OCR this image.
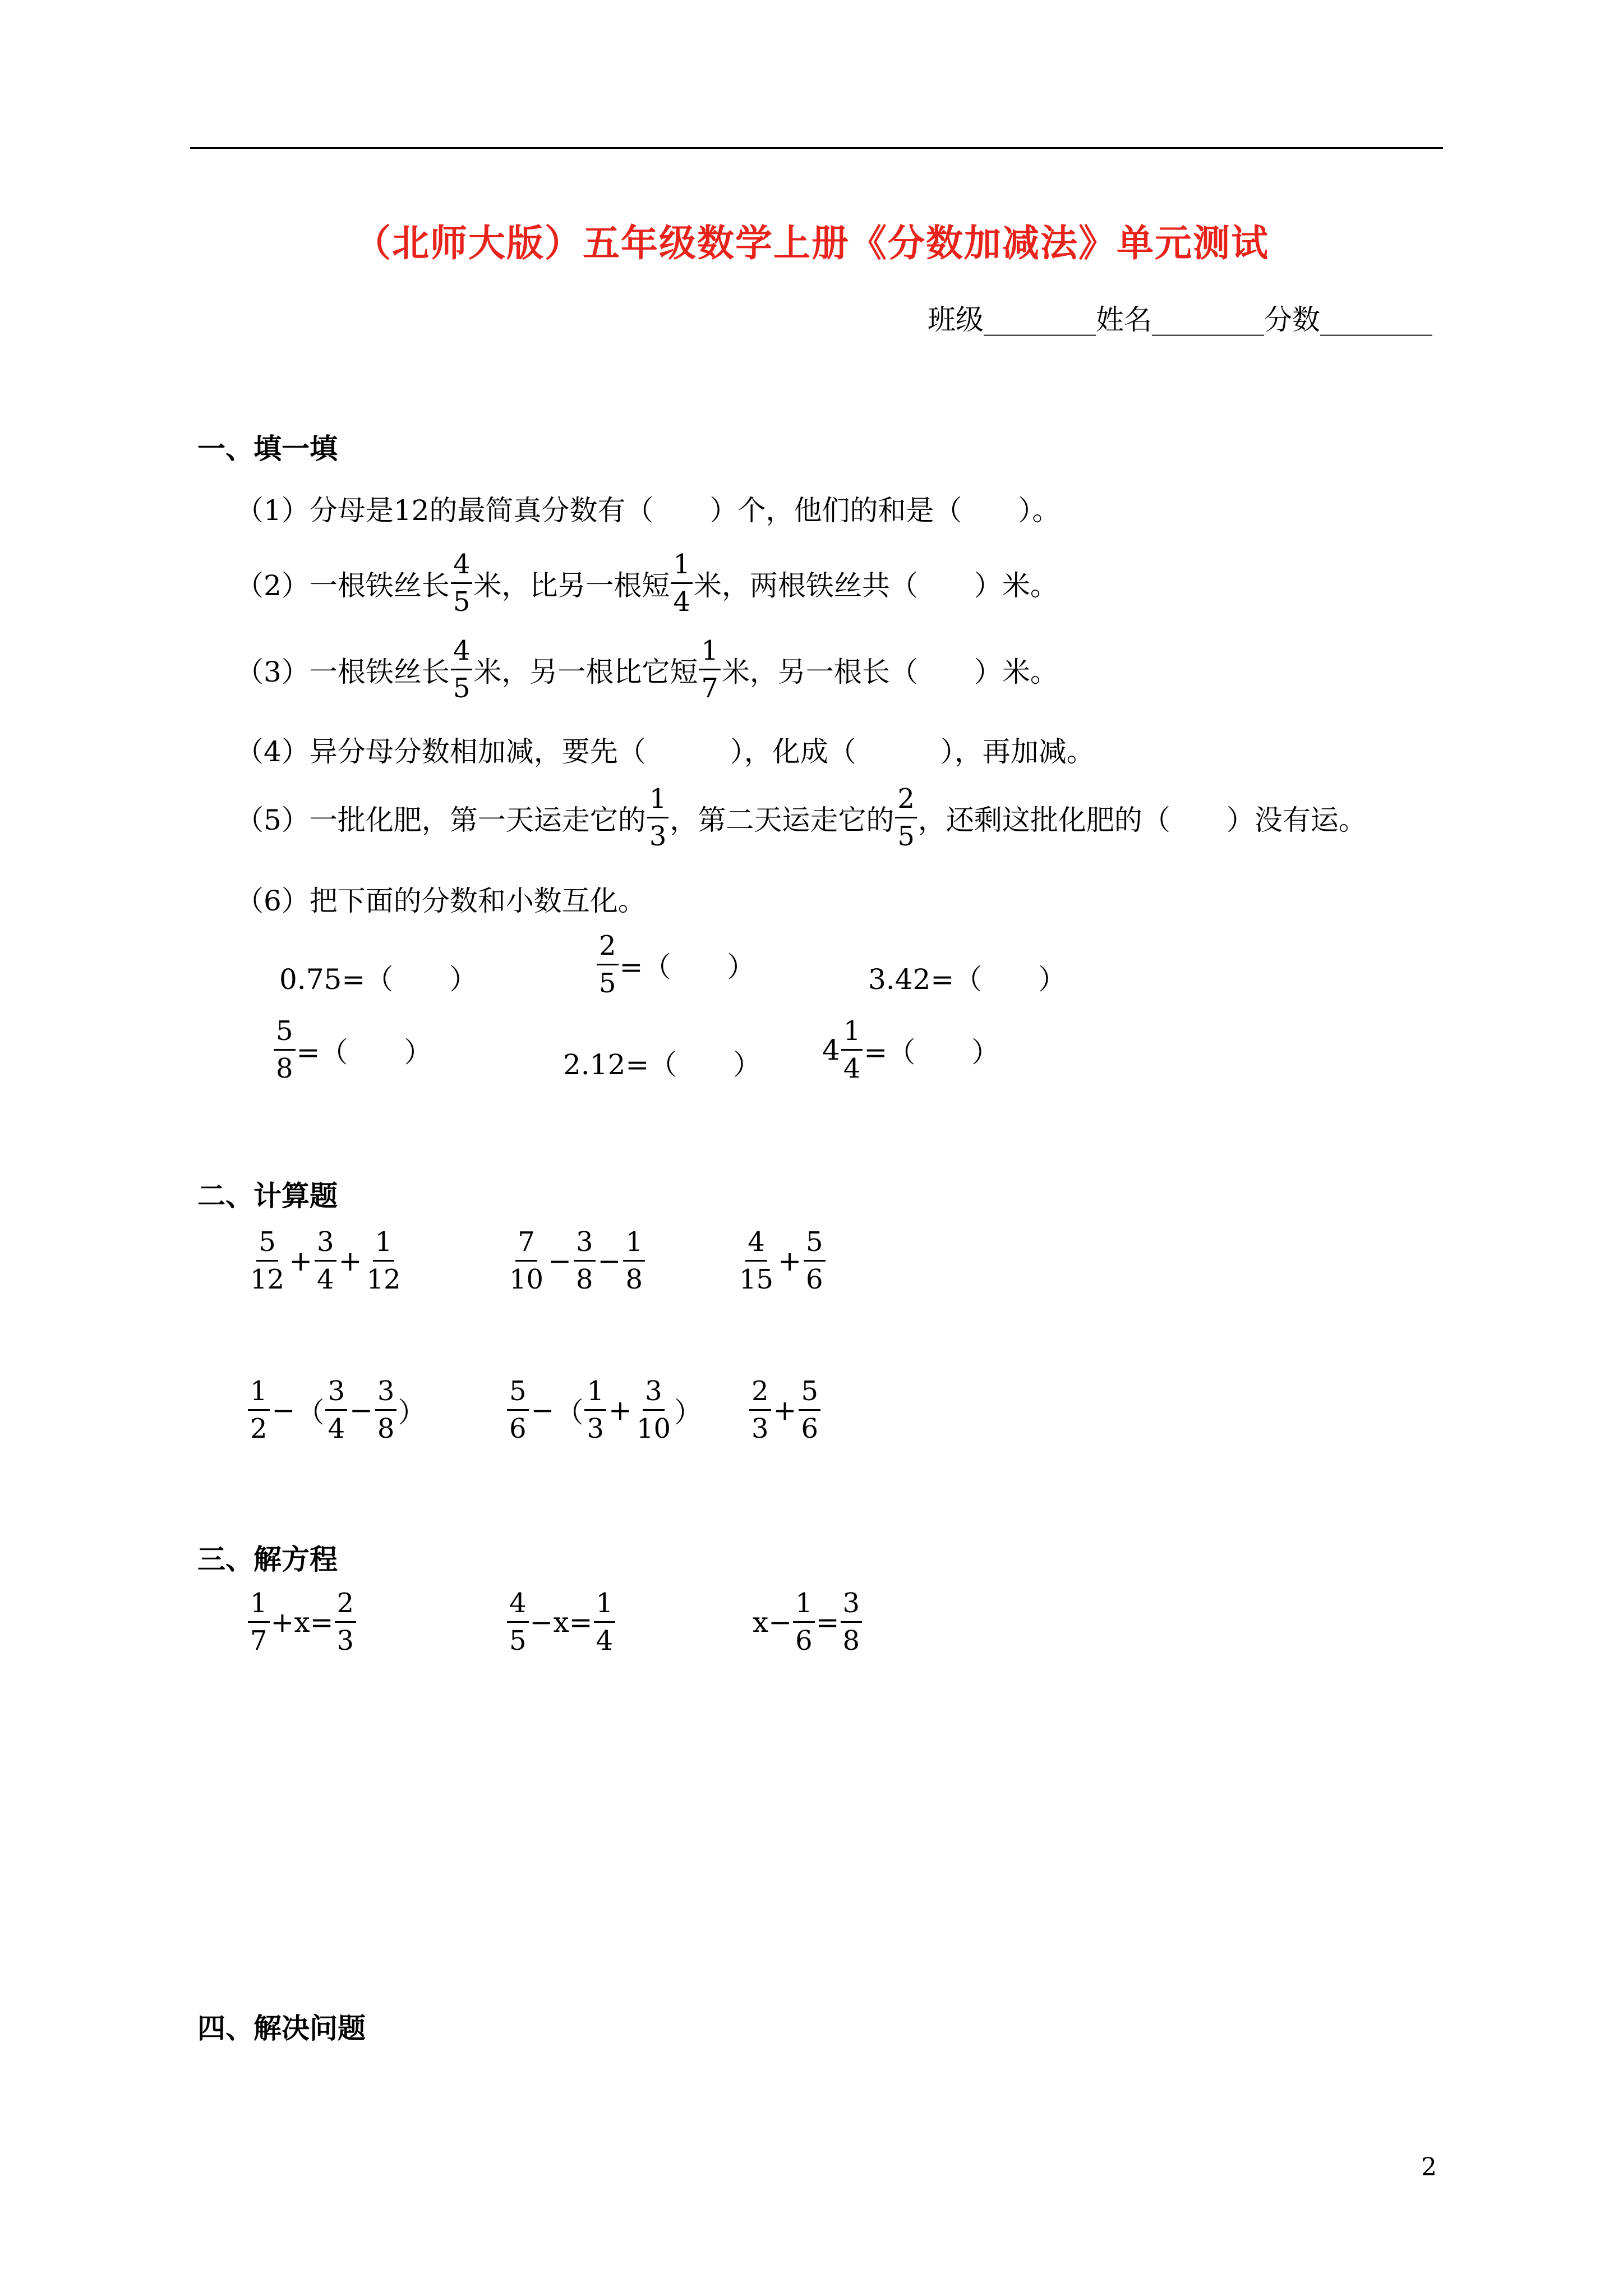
（北师大版）五年级数学上册《分数加减法》单元测试
班级________姓名________分数________
一、填一填
（1）分母是12的最简真分数有（　　）个，他们的和是（　　）。
（2）一根铁丝长 $\frac{4}{5}$ 米，比另一根短 $\frac{1}{4}$ 米，两根铁丝共（　　）米。
（3）一根铁丝长 $\frac{4}{5}$ 米，另一根比它短 $\frac{1}{7}$ 米，另一根长（　　）米。
（4）异分母分数相加减，要先（　　　），化成（　　　），再加减。
（5）一批化肥，第一天运走它的 $\frac{1}{3}$ ，第二天运走它的 $\frac{2}{5}$ ，还剩这批化肥的（　　）没有运。
（6）把下面的分数和小数互化。
0.75=（　　）	$\frac{2}{5}$ =（　　）	3.42=（　　）
$\frac{5}{8}$ =（　　）	2.12=（　　） $4 \frac{1}{4}$ =（　　）
二、计算题
$\frac{5}{12} + \frac{3}{4} + \frac{1}{12}$	$\frac{7}{10} - \frac{3}{8} - \frac{1}{8}$	$\frac{4}{15} + \frac{5}{6}$
$\frac{1}{2}$ − （ $\frac{3}{4} - \frac{3}{8}$ ）	$\frac{5}{6}$ − （ $\frac{1}{3} + \frac{3}{10}$ ） $\frac{2}{3} + \frac{5}{6}$
三、解方程
$\frac{1}{7} +x= \frac{2}{3}$	$\frac{4}{5} -x= \frac{1}{4}$	$x- \frac{1}{6} = \frac{3}{8}$
四、解决问题
2
